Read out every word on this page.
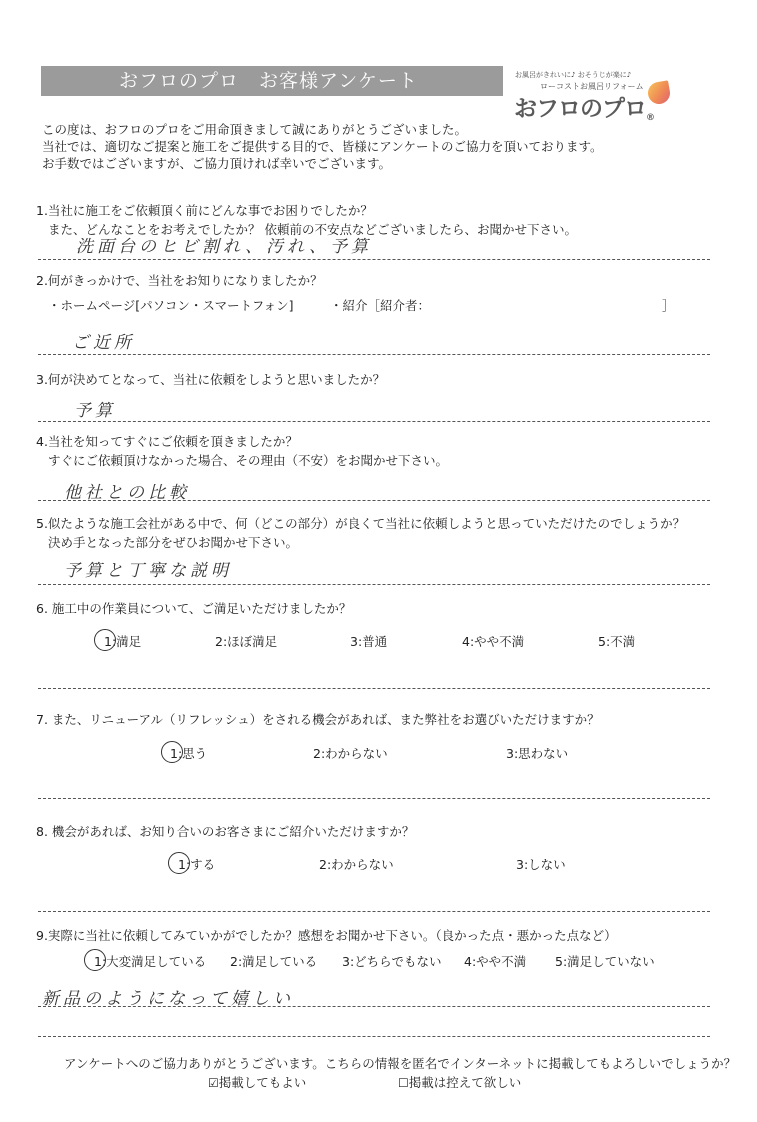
おフロのプロ　お客様アンケート	お風呂がきれいに♪ おそうじが楽に♪
ローコストお風呂リフォーム
おフロのプロ®
この度は、おフロのプロをご用命頂きまして誠にありがとうございました。
当社では、適切なご提案と施工をご提供する目的で、皆様にアンケートのご協力を頂いております。
お手数ではございますが、ご協力頂ければ幸いでございます。
1.当社に施工をご依頼頂く前にどんな事でお困りでしたか？
また、どんなことをお考えでしたか？ 依頼前の不安点などございましたら、お聞かせ下さい。
洗面台のヒビ割れ、汚れ、予算
2.何がきっかけで、当社をお知りになりましたか？
・ホームページ[パソコン・スマートフォン]	・紹介［紹介者：	］
ご近所
3.何が決めてとなって、当社に依頼をしようと思いましたか？
予算
4.当社を知ってすぐにご依頼を頂きましたか？
すぐにご依頼頂けなかった場合、その理由（不安）をお聞かせ下さい。
他社との比較
5.似たような施工会社がある中で、何（どこの部分）が良くて当社に依頼しようと思っていただけたのでしょうか？
決め手となった部分をぜひお聞かせ下さい。
予算と丁寧な説明
6. 施工中の作業員について、ご満足いただけましたか？
1:満足	2:ほぼ満足	3:普通	4:やや不満	5:不満
7. また、リニューアル（リフレッシュ）をされる機会があれば、また弊社をお選びいただけますか？
1:思う	2:わからない	3:思わない
8. 機会があれば、お知り合いのお客さまにご紹介いただけますか？
1:する	2:わからない	3:しない
9.実際に当社に依頼してみていかがでしたか？感想をお聞かせ下さい。（良かった点・悪かった点など）
1:大変満足している 2:満足している 3:どちらでもない 4:やや不満 5:満足していない
新品のようになって嬉しい
アンケートへのご協力ありがとうございます。こちらの情報を匿名でインターネットに掲載してもよろしいでしょうか？
☑掲載してもよい	☐掲載は控えて欲しい
